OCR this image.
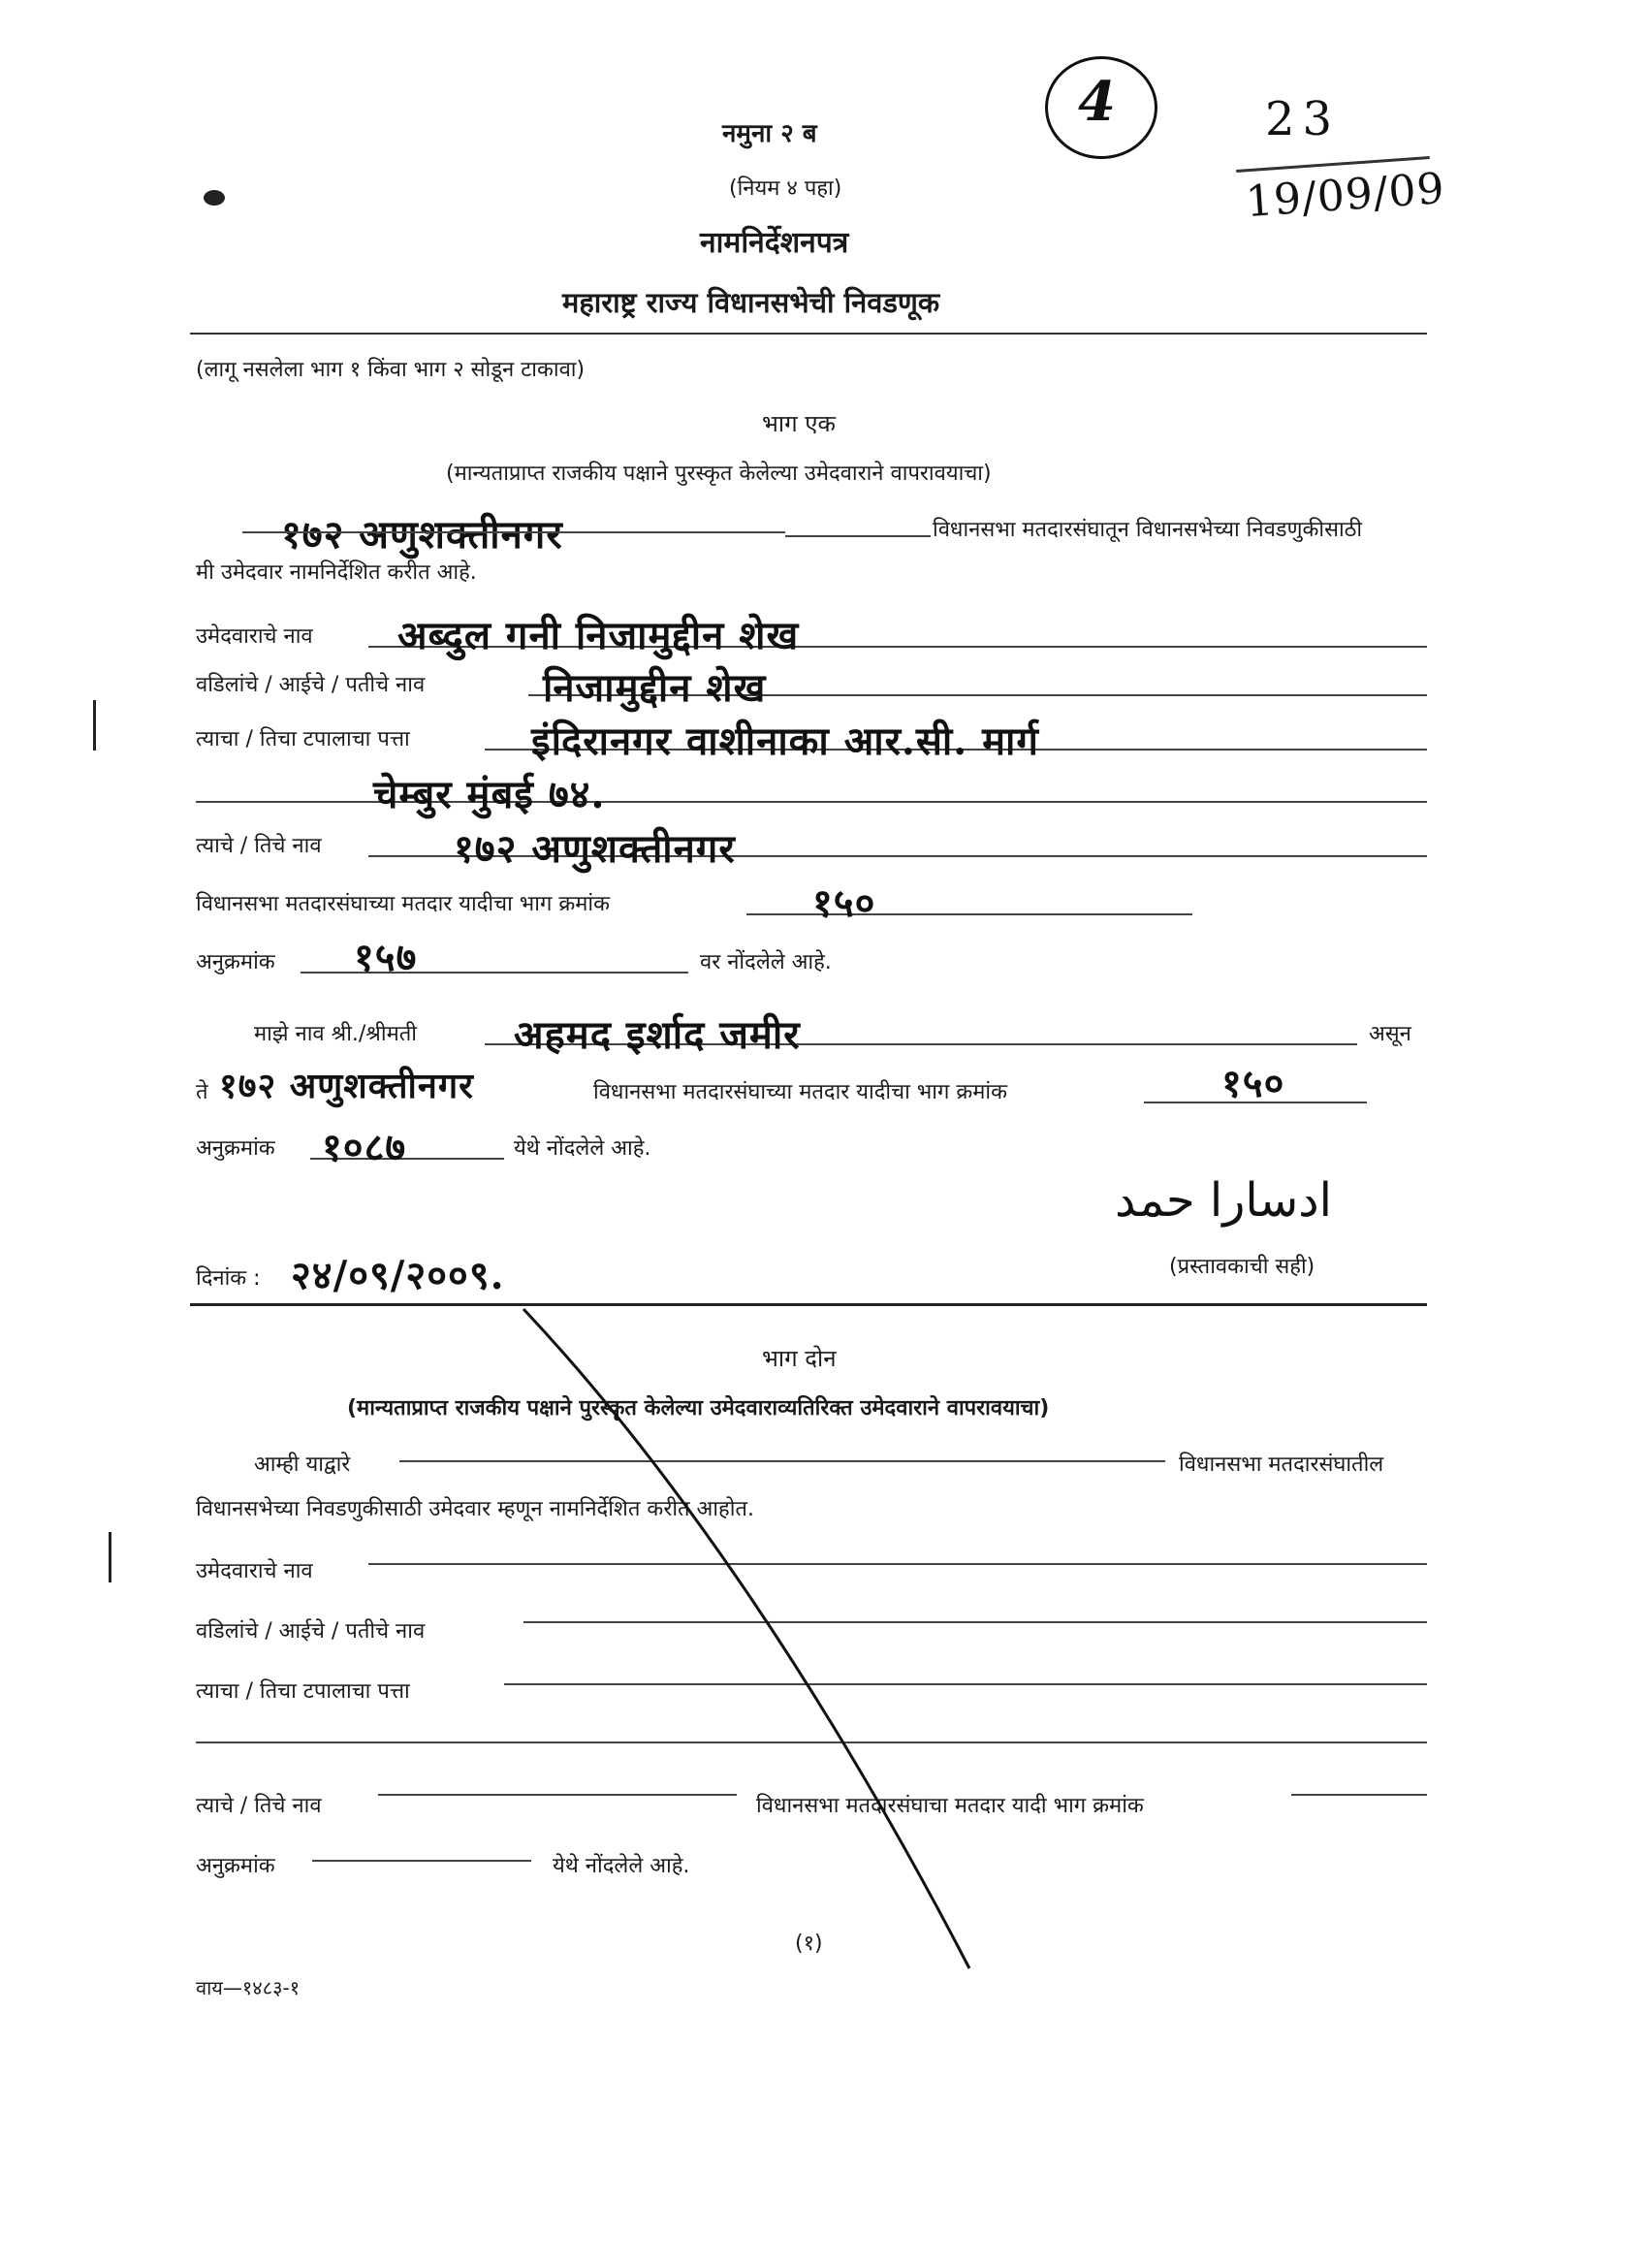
नमुना २ ब
(नियम ४ पहा)
नामनिर्देशनपत्र
महाराष्ट्र राज्य विधानसभेची निवडणूक
4	23
19/09/09
(लागू नसलेला भाग १ किंवा भाग २ सोडून टाकावा)
भाग एक
(मान्यताप्राप्त राजकीय पक्षाने पुरस्कृत केलेल्या उमेदवाराने वापरावयाचा)
१७२ अणुशक्तीनगर	विधानसभा मतदारसंघातून विधानसभेच्या निवडणुकीसाठी
मी उमेदवार नामनिर्देशित करीत आहे.
उमेदवाराचे नाव अब्दुल गनी निजामुद्दीन शेख
वडिलांचे / आईचे / पतीचे नाव	निजामुद्दीन शेख
त्याचा / तिचा टपालाचा पत्ता	इंदिरानगर वाशीनाका आर.सी. मार्ग
चेम्बुर मुंबई ७४.
त्याचे / तिचे नाव	१७२ अणुशक्तीनगर
विधानसभा मतदारसंघाच्या मतदार यादीचा भाग क्रमांक	१५०
अनुक्रमांक १५७	वर नोंदलेले आहे.
माझे नाव श्री./श्रीमती	अहमद इर्शाद जमीर	असून
ते १७२ अणुशक्तीनगर	विधानसभा मतदारसंघाच्या मतदार यादीचा भाग क्रमांक	१५०
अनुक्रमांक १०८७	येथे नोंदलेले आहे.
ادسارا حمد
दिनांक : २४/०९/२००९.	(प्रस्तावकाची सही)
भाग दोन
(मान्यताप्राप्त राजकीय पक्षाने पुरस्कृत केलेल्या उमेदवाराव्यतिरिक्त उमेदवाराने वापरावयाचा)
आम्ही याद्वारे	विधानसभा मतदारसंघातील
विधानसभेच्या निवडणुकीसाठी उमेदवार म्हणून नामनिर्देशित करीत आहोत.
उमेदवाराचे नाव
वडिलांचे / आईचे / पतीचे नाव
त्याचा / तिचा टपालाचा पत्ता
त्याचे / तिचे नाव	विधानसभा मतदारसंघाचा मतदार यादी भाग क्रमांक
अनुक्रमांक	येथे नोंदलेले आहे.
(१)
वाय—१४८३-१
